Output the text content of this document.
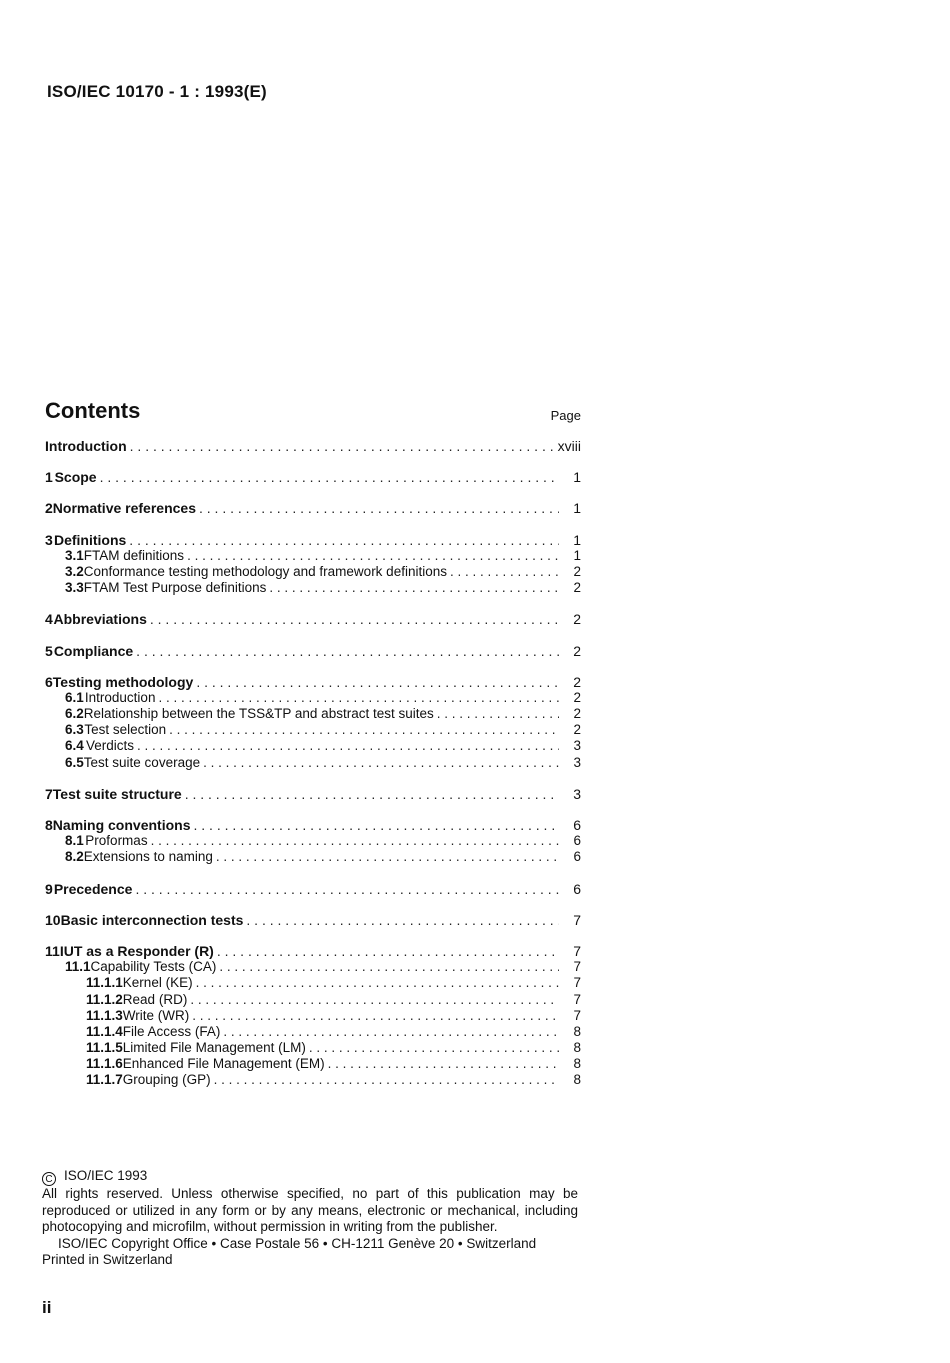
ISO/IEC 10170 - 1 : 1993(E)
Contents	Page
Introduction . . .	xviii
1 Scope . . .	1
2 Normative references . . .	1
3 Definitions . . .	1
3.1 FTAM definitions . . .	1
3.2 Conformance testing methodology and framework definitions . . .	2
3.3 FTAM Test Purpose definitions . . .	2
4 Abbreviations . . .	2
5 Compliance . . .	2
6 Testing methodology . . .	2
6.1 Introduction . . .	2
6.2 Relationship between the TSS&TP and abstract test suites . . .	2
6.3 Test selection . . .	2
6.4 Verdicts . . .	3
6.5 Test suite coverage . . .	3
7 Test suite structure . . .	3
8 Naming conventions . . .	6
8.1 Proformas . . .	6
8.2 Extensions to naming . . .	6
9 Precedence . . .	6
10 Basic interconnection tests . . .	7
11 IUT as a Responder (R) . . .	7
11.1 Capability Tests (CA) . . .	7
11.1.1 Kernel (KE) . . .	7
11.1.2 Read (RD) . . .	7
11.1.3 Write (WR) . . .	7
11.1.4 File Access (FA) . . .	8
11.1.5 Limited File Management (LM) . . .	8
11.1.6 Enhanced File Management (EM) . . .	8
11.1.7 Grouping (GP) . . .	8

C ISO/IEC 1993

All rights reserved. Unless otherwise specified, no part of this publication may be reproduced or utilized in any form or by any means, electronic or mechanical, including photocopying and microfilm, without permission in writing from the publisher.

ISO/IEC Copyright Office • Case Postale 56 • CH-1211 Genève 20 • Switzerland

Printed in Switzerland

ii
